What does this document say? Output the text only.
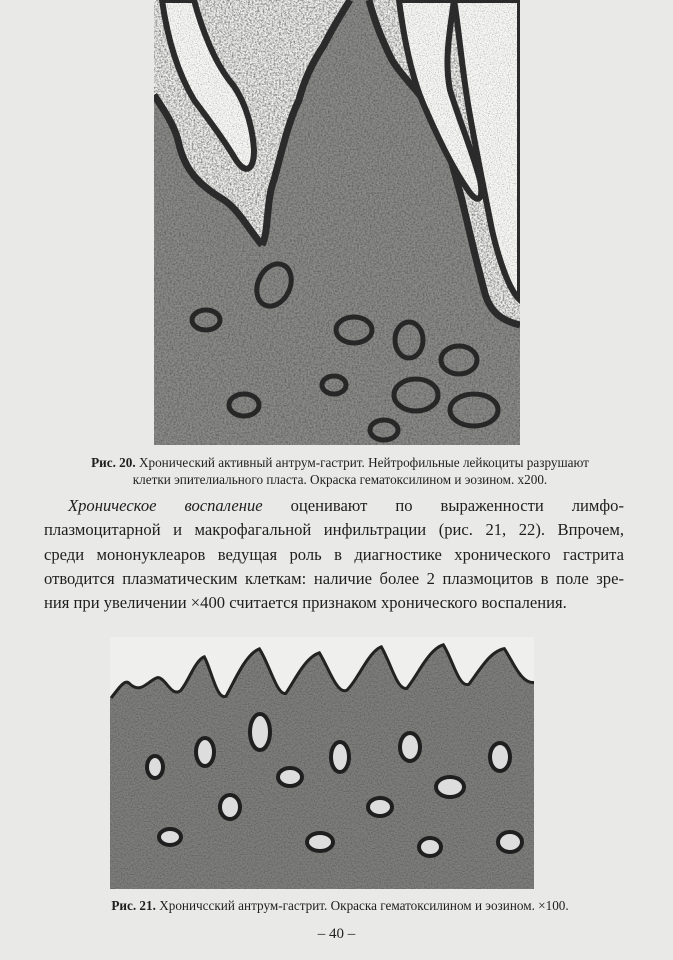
Рис. 20. Хронический активный антрум-гастрит. Нейтрофильные лейкоциты разрушают
клетки эпителиального пласта. Окраска гематоксилином и эозином. x200.
Хроническое воспаление оценивают по выраженности лимфо-
плазмоцитарной и макрофагальной инфильтрации (рис. 21, 22). Впрочем,
среди мононуклеаров ведущая роль в диагностике хронического гастрита
отводится плазматическим клеткам: наличие более 2 плазмоцитов в поле зре-
ния при увеличении ×400 считается признаком хронического воспаления.
Рис. 21. Хроничсский антрум-гастрит. Окраска гематоксилином и эозином. ×100.
– 40 –
